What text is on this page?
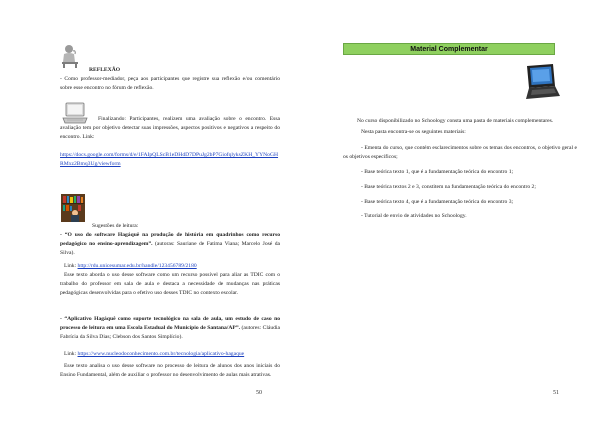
REFLEXÃO

- Como professor-mediador, peça aos participantes que registre sua reflexão e/ou comentário sobre esse encontro no fórum de reflexão.

Finalizando: Participantes, realizem uma avaliação sobre o encontro. Essa avaliação tem por objetivo detectar suas impressões, aspectos positivos e negativos a respeito do encontro. Link:

https://docs.google.com/forms/d/e/1FAIpQLScB1eDHdD7DPuJg2bP7GiofqlyksZKH_YYNoGHRMxz2Bmq3Ug/viewform

Sugestões de leitura:

- “O uso do software Hagáquê na produção de história em quadrinhos como recurso pedagógico no ensino-aprendizagem”. (autoras: Sauriane de Fatima Viana; Marcelo José da Silva).

Link: http://rdu.unicesumar.edu.br/handle/123456789/2180

Esse texto aborda o uso desse software como um recurso possível para aliar as TDIC com o trabalho do professor em sala de aula e destaca a necessidade de mudanças nas práticas pedagógicas desenvolvidas para o efetivo uso desses TDIC no contexto escolar.

- “Aplicativo Hagáquê como suporte tecnológico na sala de aula, um estudo de caso no processo de leitura em uma Escola Estadual do Município de Santana/AP”. (autores: Cláudia Fabrícia da Silva Dias; Clebson dos Santos Simplício).

Link: https://www.nucleodoconhecimento.com.br/tecnologia/aplicativo-hagaque

Esse texto analisa o uso desse software no processo de leitura de alunos dos anos iniciais do Ensino Fundamental, além de auxiliar o professor no desenvolvimento de aulas mais atrativas.

50	51
Material Complementar

No curso disponibilizado no Schoology consta uma pasta de materiais complementares.

Nesta pasta encontra-se os seguintes materiais:

- Ementa do curso, que contém esclarecimentos sobre os temas dos encontros, o objetivo geral e os objetivos específicos;

- Base teórica texto 1, que é a fundamentação teórica do encontro 1;

- Base teórica textos 2 e 3, constitem na fundamentação teórica do encontro 2;

- Base teórica texto 4, que é a fundamentação teórica do encontro 3;

- Tutorial de envio de atividades no Schoology.
